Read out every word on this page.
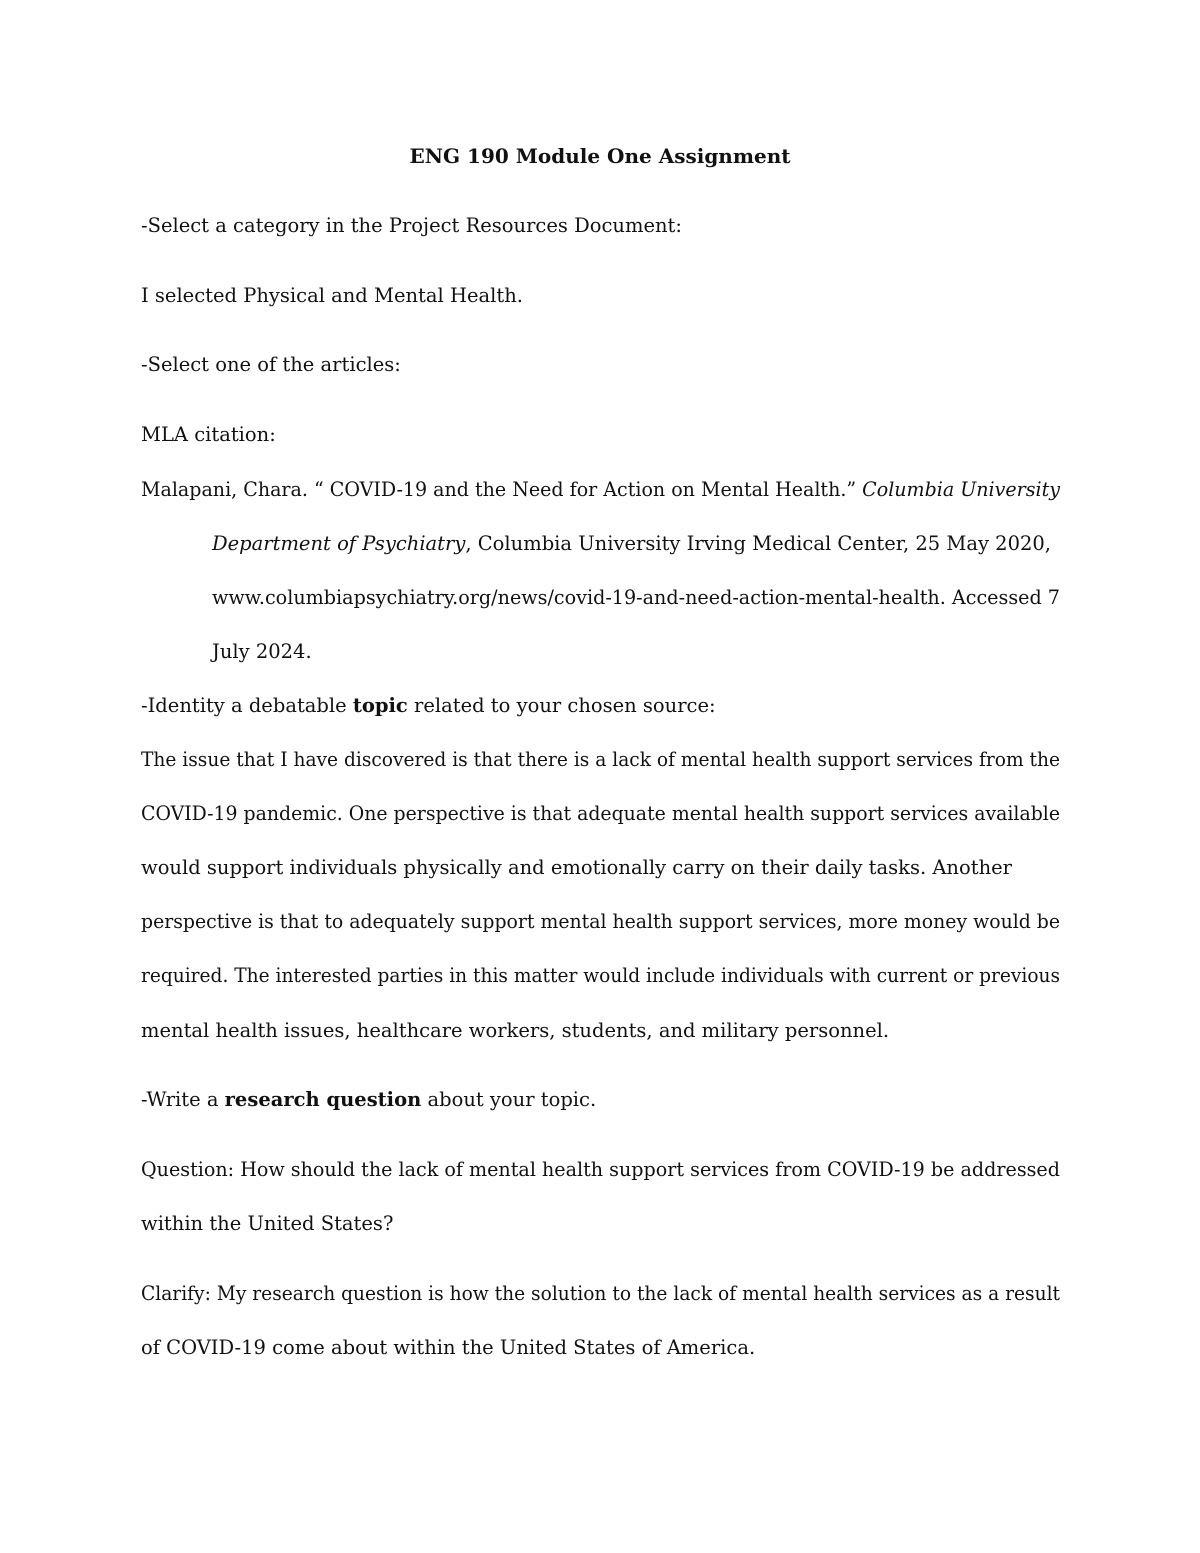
ENG 190 Module One Assignment

-Select a category in the Project Resources Document:

I selected Physical and Mental Health.

-Select one of the articles:

MLA citation:

Malapani, Chara. “ COVID-19 and the Need for Action on Mental Health.” Columbia University

Department of Psychiatry, Columbia University Irving Medical Center, 25 May 2020,

www.columbiapsychiatry.org/news/covid-19-and-need-action-mental-health. Accessed 7

July 2024.

-Identity a debatable topic related to your chosen source:

The issue that I have discovered is that there is a lack of mental health support services from the

COVID-19 pandemic. One perspective is that adequate mental health support services available

would support individuals physically and emotionally carry on their daily tasks. Another

perspective is that to adequately support mental health support services, more money would be

required. The interested parties in this matter would include individuals with current or previous

mental health issues, healthcare workers, students, and military personnel.

-Write a research question about your topic.

Question: How should the lack of mental health support services from COVID-19 be addressed

within the United States?

Clarify: My research question is how the solution to the lack of mental health services as a result

of COVID-19 come about within the United States of America.
